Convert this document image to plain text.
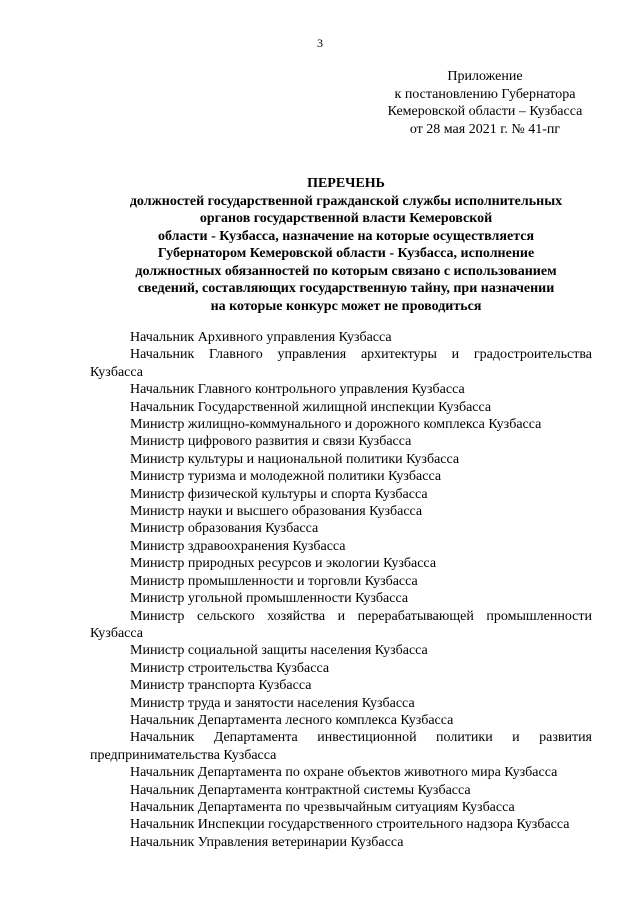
3
Приложение
к постановлению Губернатора
Кемеровской области – Кузбасса
от 28 мая 2021 г. № 41-пг
ПЕРЕЧЕНЬ
должностей государственной гражданской службы исполнительных
органов государственной власти Кемеровской
области - Кузбасса, назначение на которые осуществляется
Губернатором Кемеровской области - Кузбасса, исполнение
должностных обязанностей по которым связано с использованием
сведений, составляющих государственную тайну, при назначении
на которые конкурс может не проводиться
Начальник Архивного управления Кузбасса
Начальник Главного управления архитектуры и градостроительства Кузбасса
Начальник Главного контрольного управления Кузбасса
Начальник Государственной жилищной инспекции Кузбасса
Министр жилищно-коммунального и дорожного комплекса Кузбасса
Министр цифрового развития и связи Кузбасса
Министр культуры и национальной политики Кузбасса
Министр туризма и молодежной политики Кузбасса
Министр физической культуры и спорта Кузбасса
Министр науки и высшего образования Кузбасса
Министр образования Кузбасса
Министр здравоохранения Кузбасса
Министр природных ресурсов и экологии Кузбасса
Министр промышленности и торговли Кузбасса
Министр угольной промышленности Кузбасса
Министр сельского хозяйства и перерабатывающей промышленности Кузбасса
Министр социальной защиты населения Кузбасса
Министр строительства Кузбасса
Министр транспорта Кузбасса
Министр труда и занятости населения Кузбасса
Начальник Департамента лесного комплекса Кузбасса
Начальник Департамента инвестиционной политики и развития предпринимательства Кузбасса
Начальник Департамента по охране объектов животного мира Кузбасса
Начальник Департамента контрактной системы Кузбасса
Начальник Департамента по чрезвычайным ситуациям Кузбасса
Начальник Инспекции государственного строительного надзора Кузбасса
Начальник Управления ветеринарии Кузбасса
